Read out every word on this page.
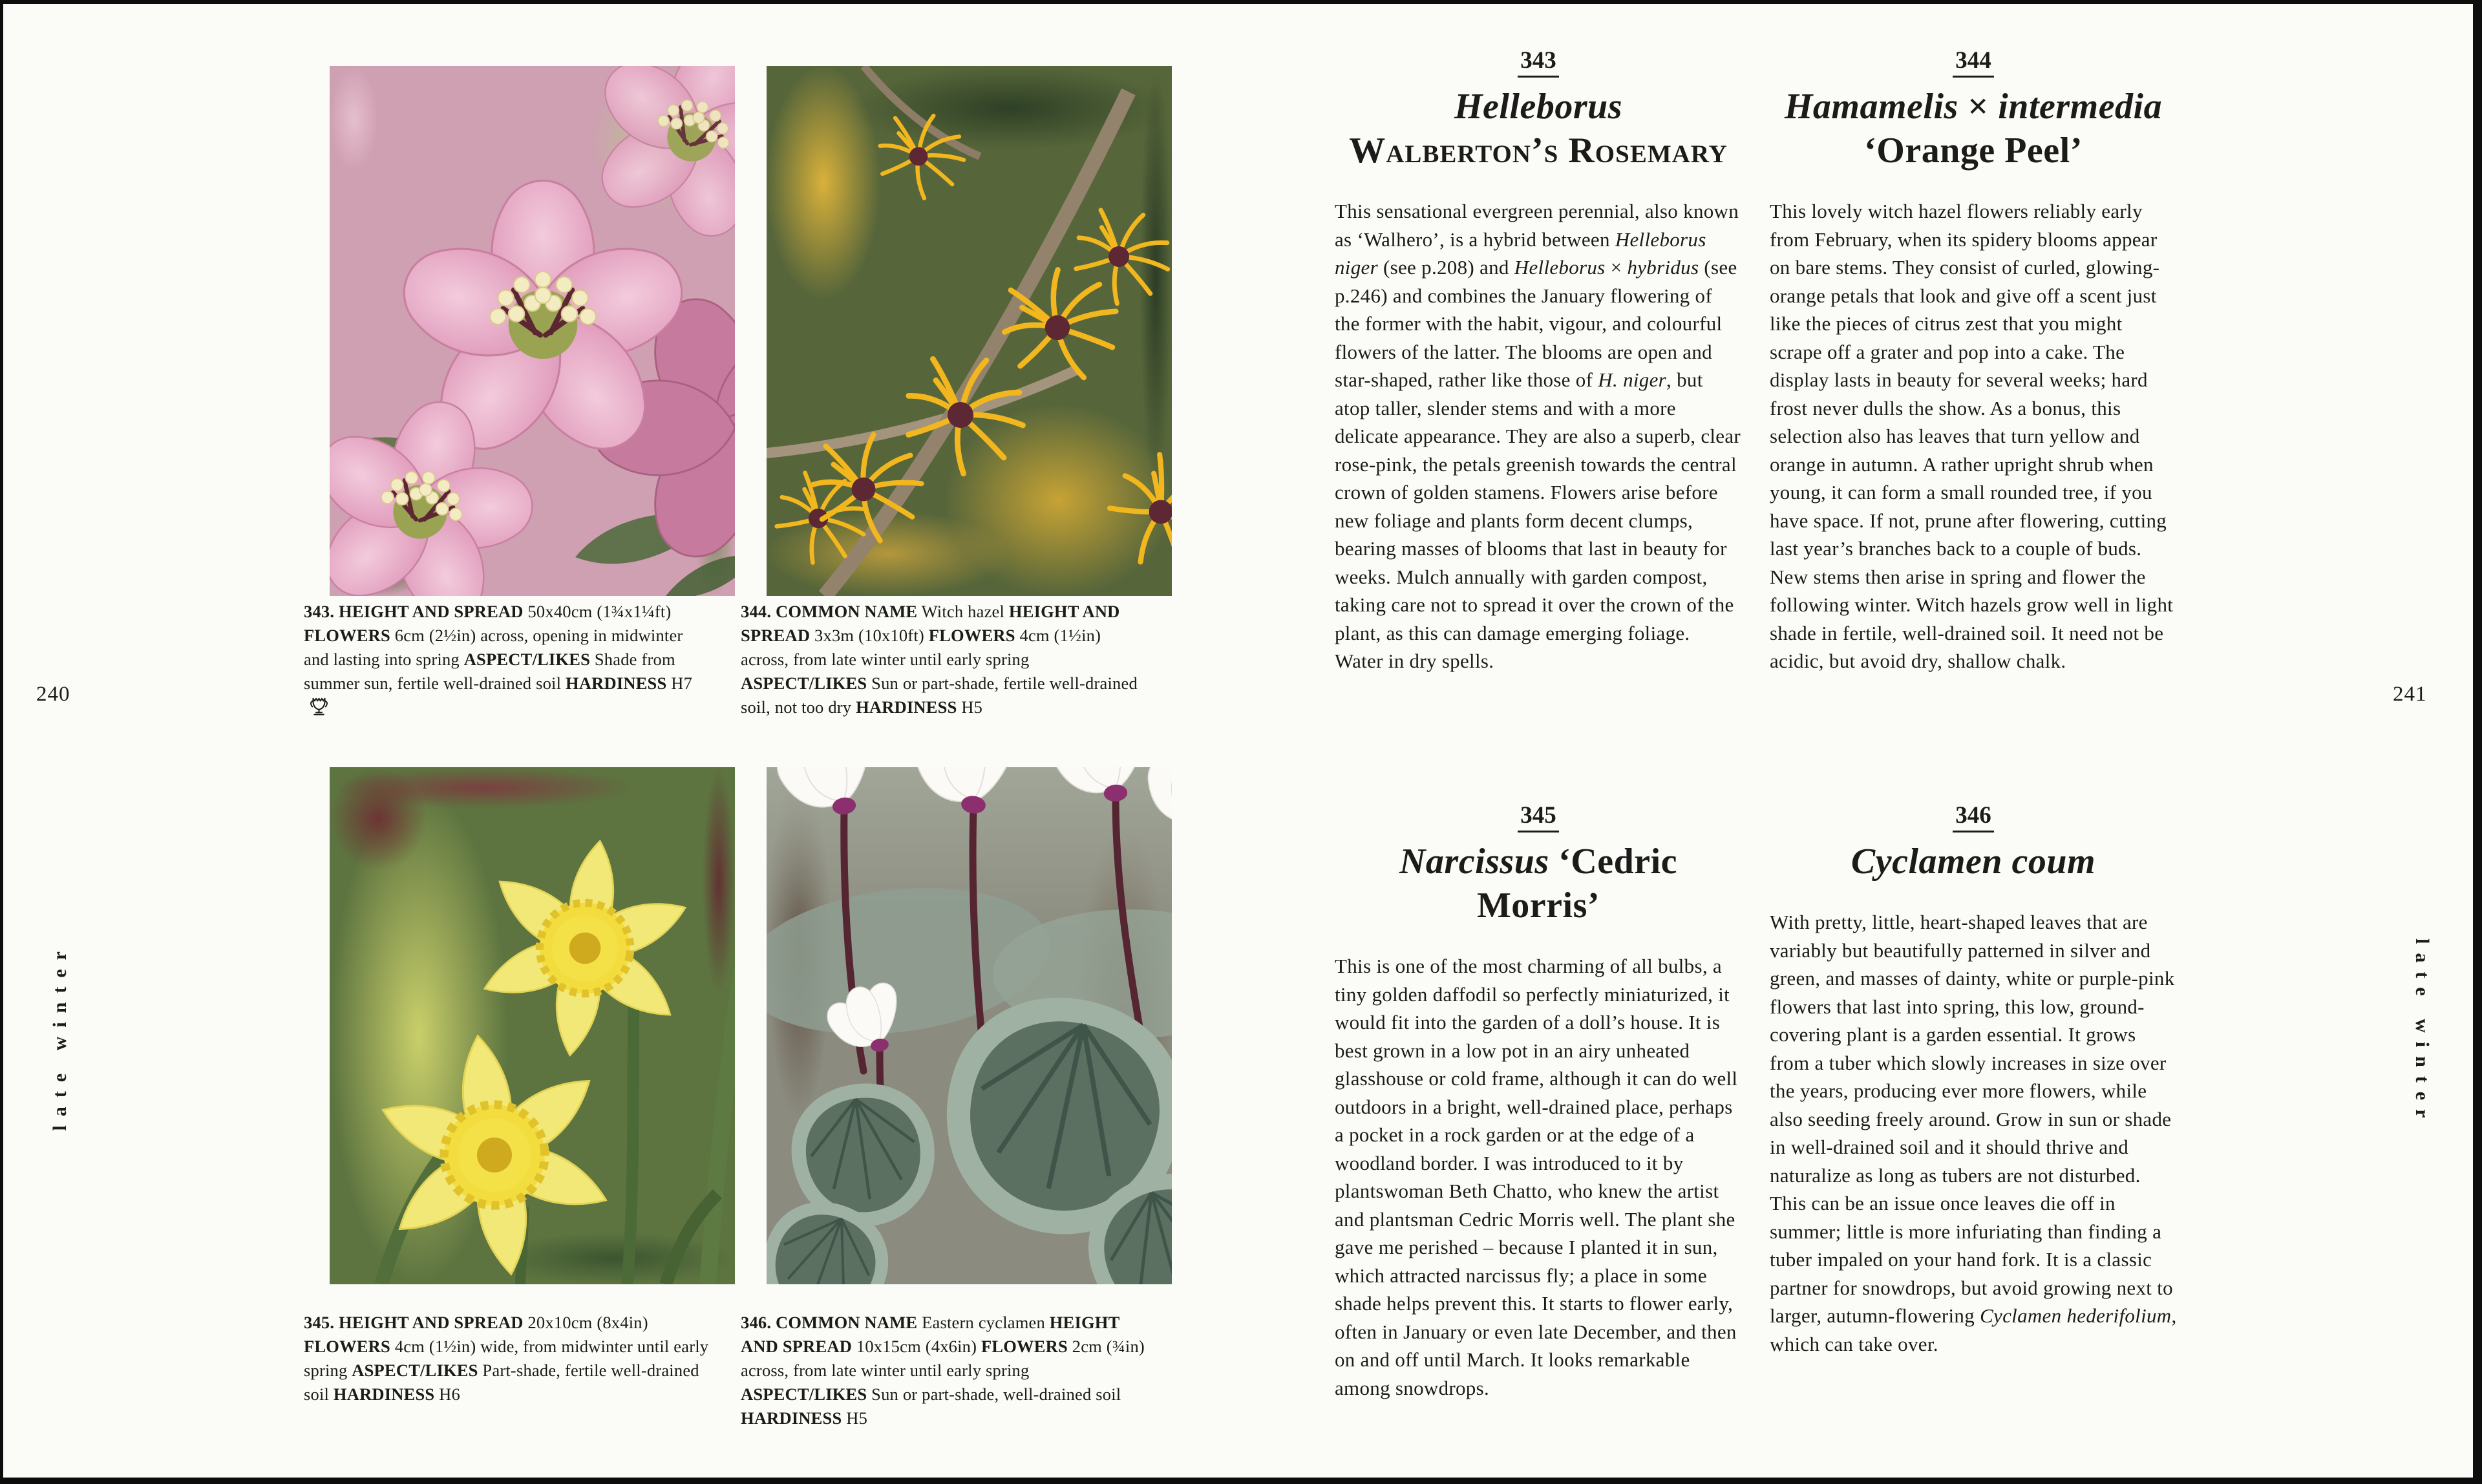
240
late winter

343. HEIGHT AND SPREAD 50x40cm (1¾x1¼ft) FLOWERS 6cm (2½in) across, opening in midwinter and lasting into spring ASPECT/LIKES Shade from summer sun, fertile well-drained soil HARDINESS H7

344. COMMON NAME Witch hazel HEIGHT AND SPREAD 3x3m (10x10ft) FLOWERS 4cm (1½in) across, from late winter until early spring ASPECT/LIKES Sun or part-shade, fertile well-drained soil, not too dry HARDINESS H5

345. HEIGHT AND SPREAD 20x10cm (8x4in) FLOWERS 4cm (1½in) wide, from midwinter until early spring ASPECT/LIKES Part-shade, fertile well-drained soil HARDINESS H6

346. COMMON NAME Eastern cyclamen HEIGHT AND SPREAD 10x15cm (4x6in) FLOWERS 2cm (¾in) across, from late winter until early spring ASPECT/LIKES Sun or part-shade, well-drained soil HARDINESS H5

241
late winter
343
Helleborus
Walberton’s Rosemary

This sensational evergreen perennial, also known as ‘Walhero’, is a hybrid between Helleborus niger (see p.208) and Helleborus × hybridus (see p.246) and combines the January flowering of the former with the habit, vigour, and colourful flowers of the latter. The blooms are open and star-shaped, rather like those of H. niger, but atop taller, slender stems and with a more delicate appearance. They are also a superb, clear rose-pink, the petals greenish towards the central crown of golden stamens. Flowers arise before new foliage and plants form decent clumps, bearing masses of blooms that last in beauty for weeks. Mulch annually with garden compost, taking care not to spread it over the crown of the plant, as this can damage emerging foliage. Water in dry spells.

344
Hamamelis × intermedia
‘Orange Peel’

This lovely witch hazel flowers reliably early from February, when its spidery blooms appear on bare stems. They consist of curled, glowing-orange petals that look and give off a scent just like the pieces of citrus zest that you might scrape off a grater and pop into a cake. The display lasts in beauty for several weeks; hard frost never dulls the show. As a bonus, this selection also has leaves that turn yellow and orange in autumn. A rather upright shrub when young, it can form a small rounded tree, if you have space. If not, prune after flowering, cutting last year’s branches back to a couple of buds. New stems then arise in spring and flower the following winter. Witch hazels grow well in light shade in fertile, well-drained soil. It need not be acidic, but avoid dry, shallow chalk.

345
Narcissus ‘Cedric Morris’

This is one of the most charming of all bulbs, a tiny golden daffodil so perfectly miniaturized, it would fit into the garden of a doll’s house. It is best grown in a low pot in an airy unheated glasshouse or cold frame, although it can do well outdoors in a bright, well-drained place, perhaps a pocket in a rock garden or at the edge of a woodland border. I was introduced to it by plantswoman Beth Chatto, who knew the artist and plantsman Cedric Morris well. The plant she gave me perished – because I planted it in sun, which attracted narcissus fly; a place in some shade helps prevent this. It starts to flower early, often in January or even late December, and then on and off until March. It looks remarkable among snowdrops.

346
Cyclamen coum

With pretty, little, heart-shaped leaves that are variably but beautifully patterned in silver and green, and masses of dainty, white or purple-pink flowers that last into spring, this low, ground-covering plant is a garden essential. It grows from a tuber which slowly increases in size over the years, producing ever more flowers, while also seeding freely around. Grow in sun or shade in well-drained soil and it should thrive and naturalize as long as tubers are not disturbed. This can be an issue once leaves die off in summer; little is more infuriating than finding a tuber impaled on your hand fork. It is a classic partner for snowdrops, but avoid growing next to larger, autumn-flowering Cyclamen hederifolium, which can take over.
